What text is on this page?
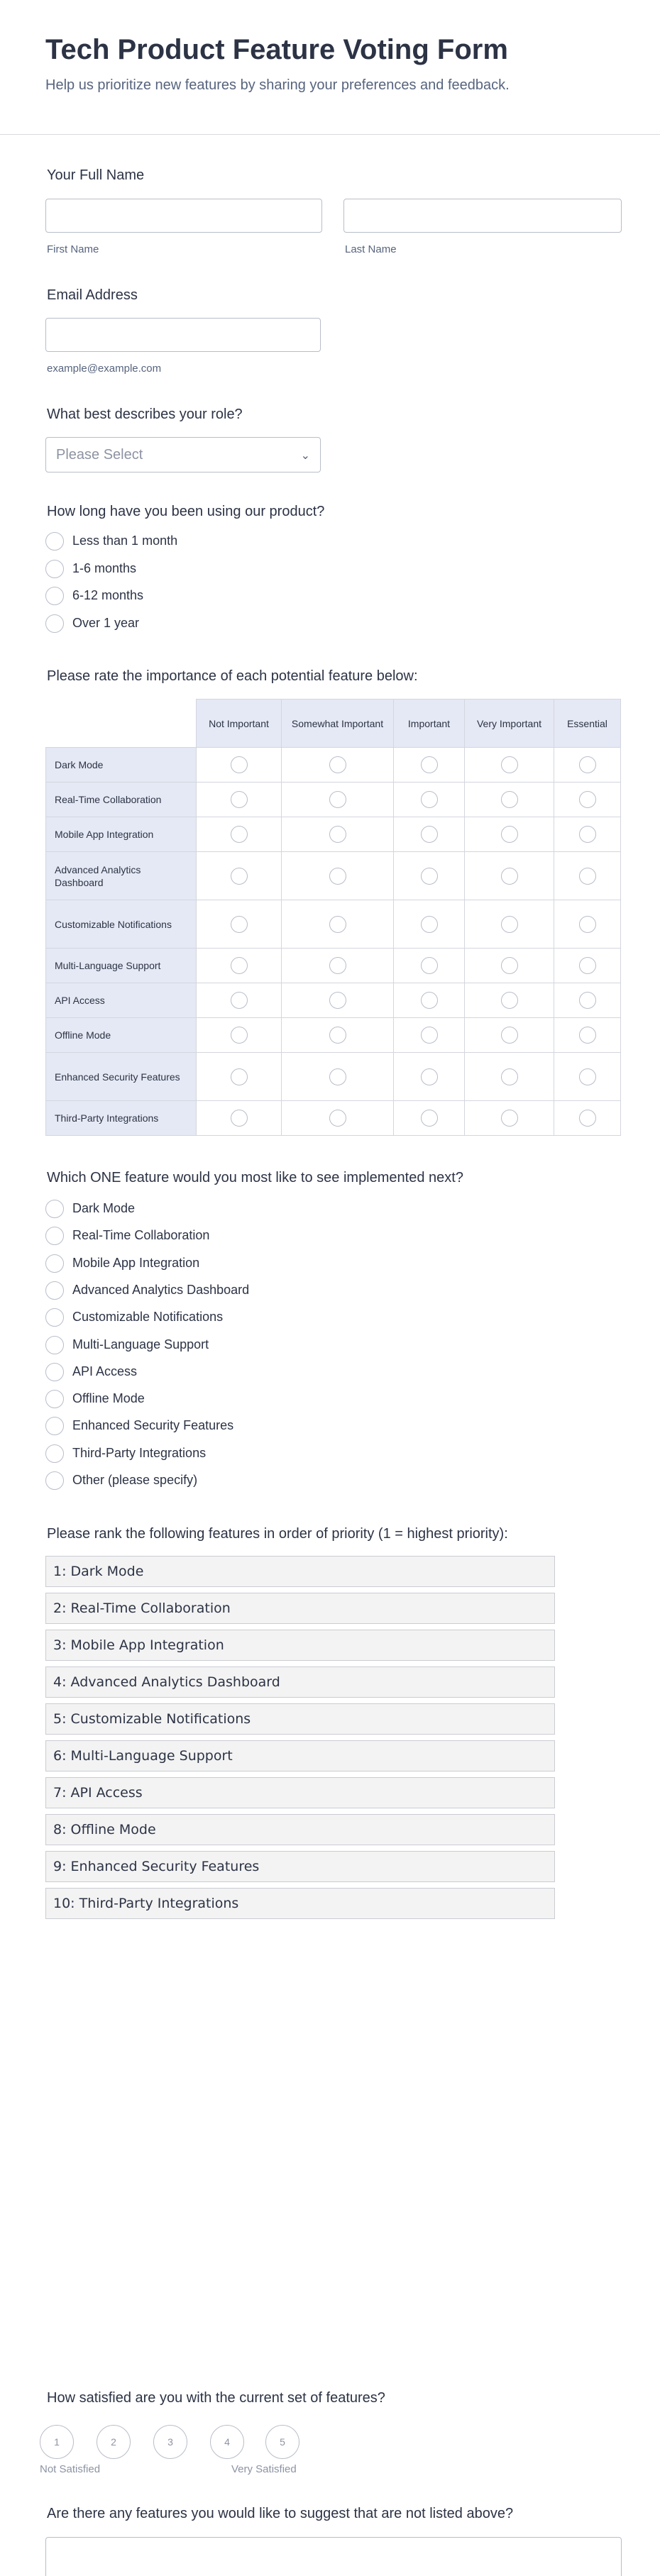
Tech Product Feature Voting Form
Help us prioritize new features by sharing your preferences and feedback.
Your Full Name
First Name	Last Name
Email Address
example@example.com
What best describes your role?
Please Select	⌄
How long have you been using our product?
Less than 1 month
1-6 months
6-12 months
Over 1 year
Please rate the importance of each potential feature below:
	Not Important	Somewhat Important	Important	Very Important	Essential
Dark Mode					
Real-Time Collaboration					
Mobile App Integration					
Advanced Analytics Dashboard					
Customizable Notifications					
Multi-Language Support					
API Access					
Offline Mode					
Enhanced Security Features					
Third-Party Integrations					
Which ONE feature would you most like to see implemented next?
Dark Mode
Real-Time Collaboration
Mobile App Integration
Advanced Analytics Dashboard
Customizable Notifications
Multi-Language Support
API Access
Offline Mode
Enhanced Security Features
Third-Party Integrations
Other (please specify)
Please rank the following features in order of priority (1 = highest priority):
1: Dark Mode
2: Real-Time Collaboration
3: Mobile App Integration
4: Advanced Analytics Dashboard
5: Customizable Notifications
6: Multi-Language Support
7: API Access
8: Offline Mode
9: Enhanced Security Features
10: Third-Party Integrations
How satisfied are you with the current set of features?
1	2	3	4	5
Not Satisfied	Very Satisfied
Are there any features you would like to suggest that are not listed above?
